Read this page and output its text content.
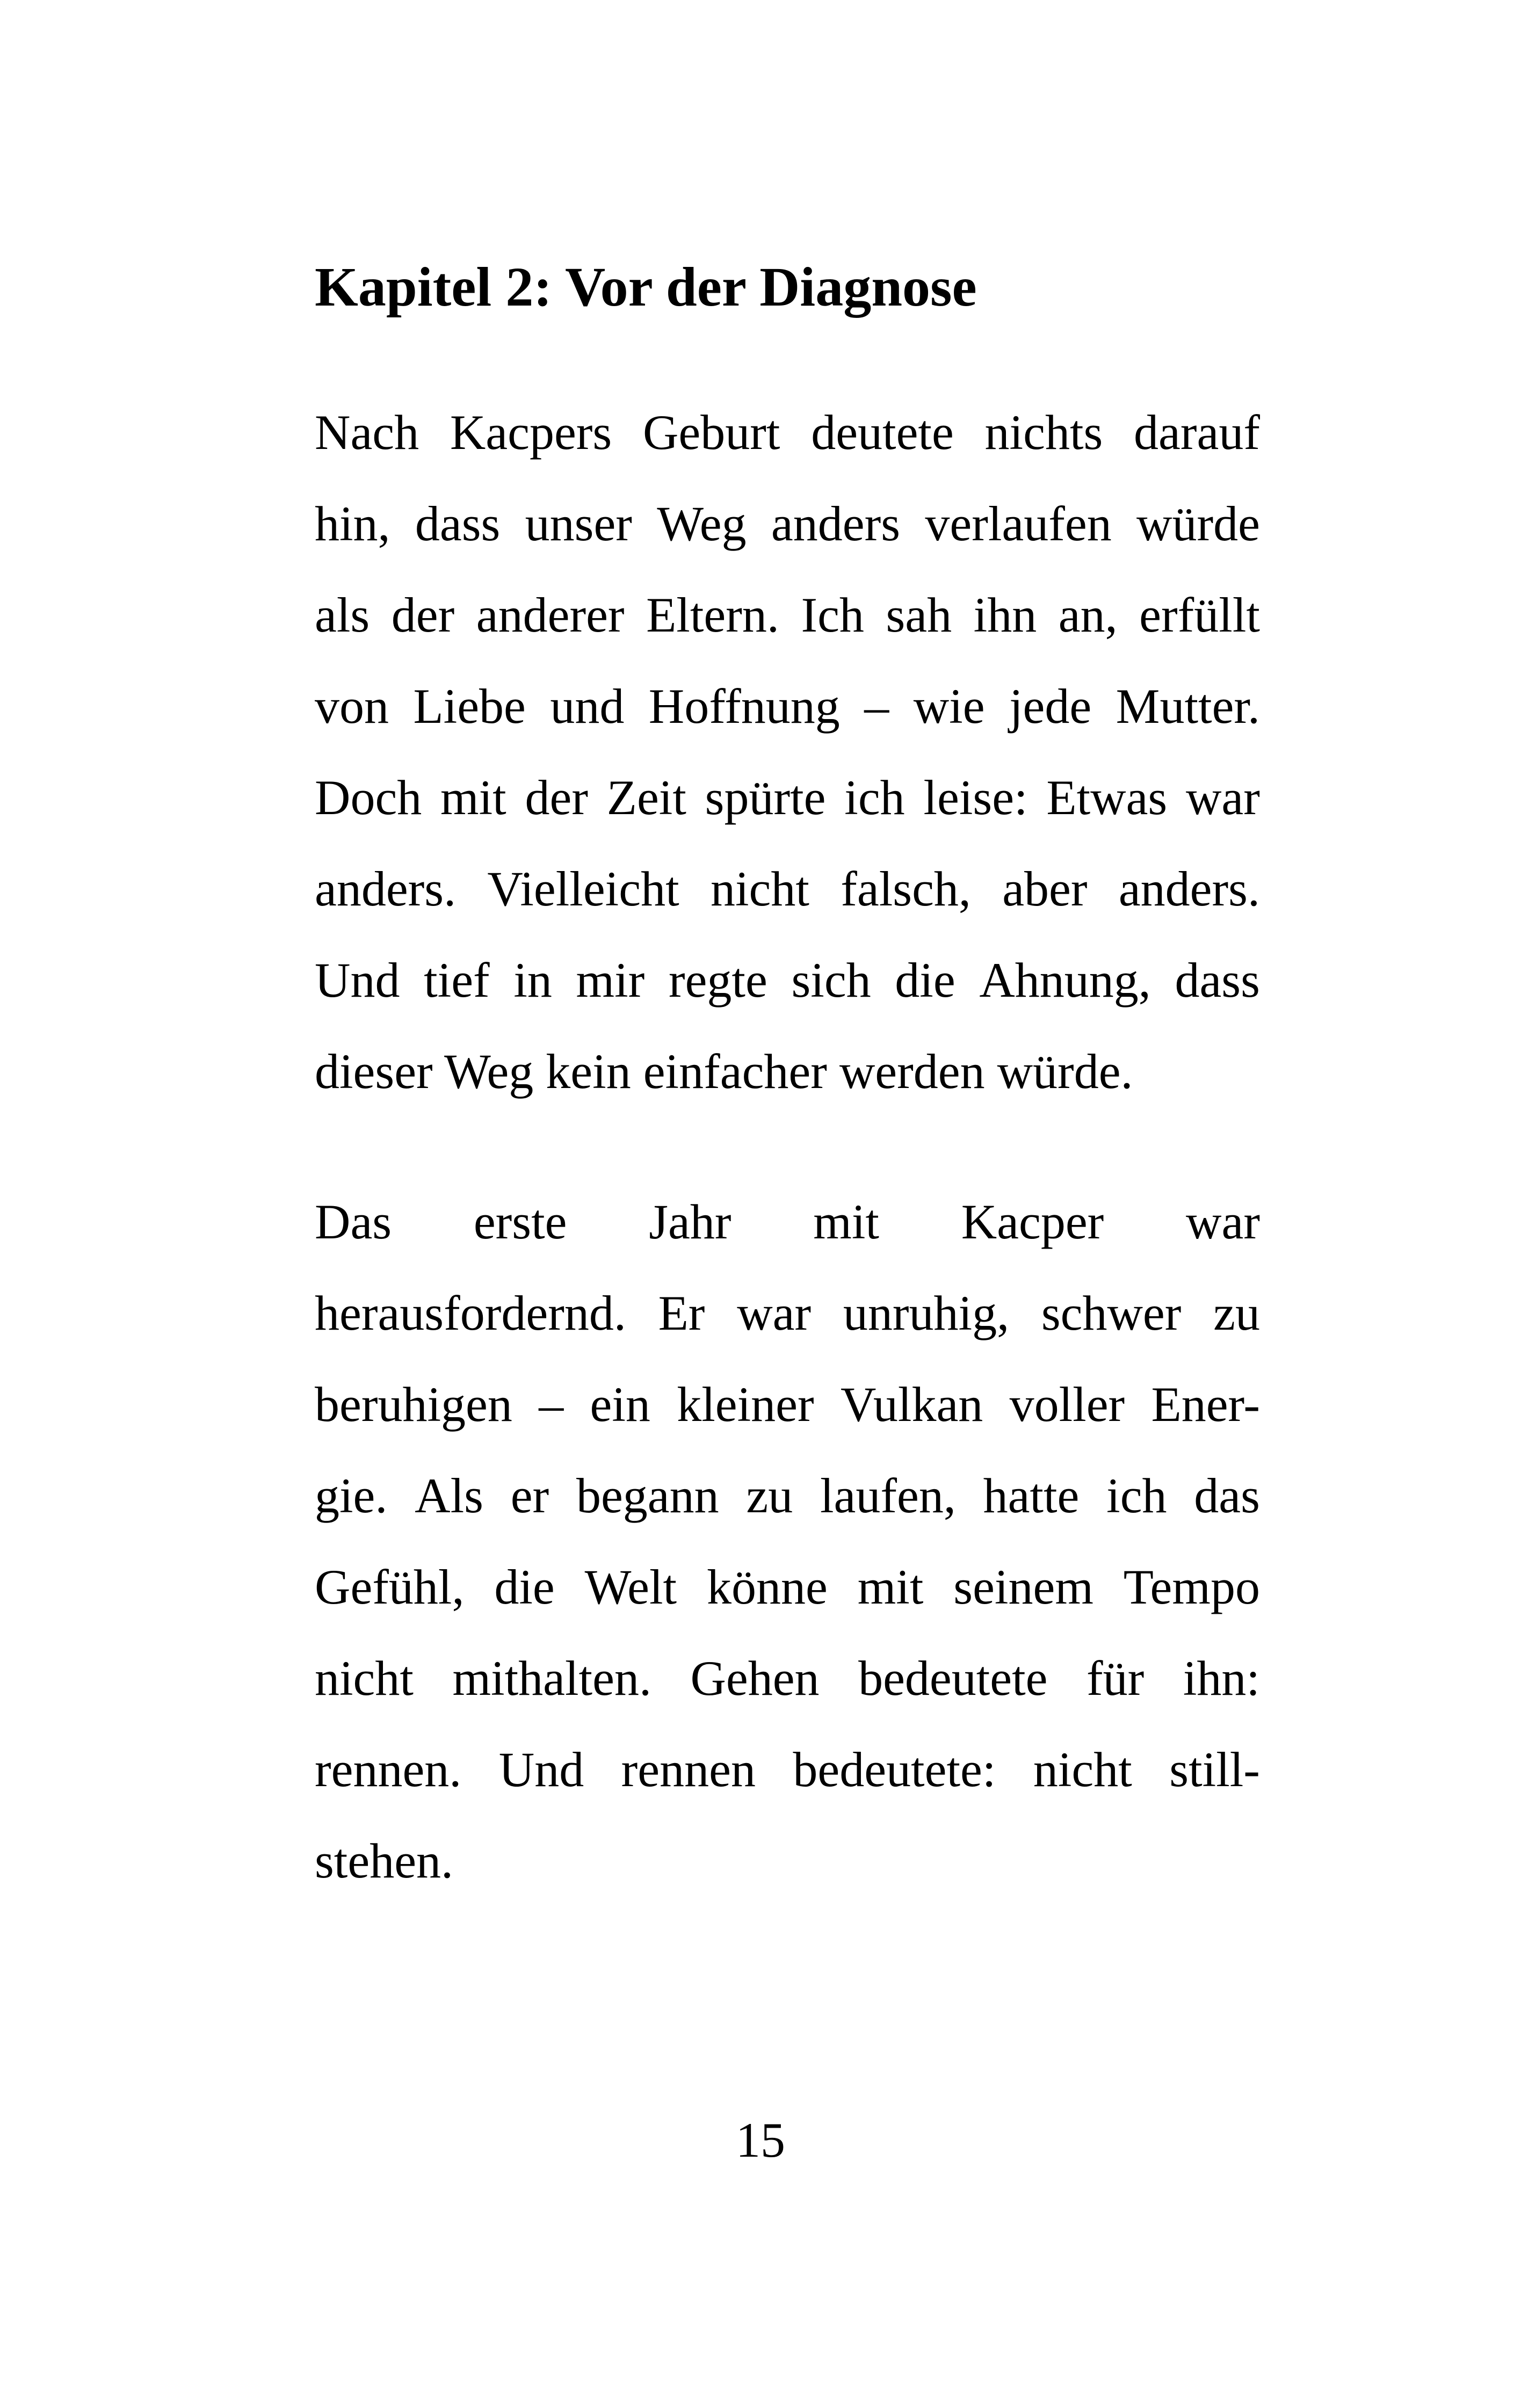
Kapitel 2: Vor der Diagnose
Nach Kacpers Geburt deutete nichts darauf
hin, dass unser Weg anders verlaufen würde
als der anderer Eltern. Ich sah ihn an, erfüllt
von Liebe und Hoffnung – wie jede Mutter.
Doch mit der Zeit spürte ich leise: Etwas war
anders. Vielleicht nicht falsch, aber anders.
Und tief in mir regte sich die Ahnung, dass
dieser Weg kein einfacher werden würde.
Das erste Jahr mit Kacper war
herausfordernd. Er war unruhig, schwer zu
beruhigen – ein kleiner Vulkan voller Ener-
gie. Als er begann zu laufen, hatte ich das
Gefühl, die Welt könne mit seinem Tempo
nicht mithalten. Gehen bedeutete für ihn:
rennen. Und rennen bedeutete: nicht still-
stehen.

15
